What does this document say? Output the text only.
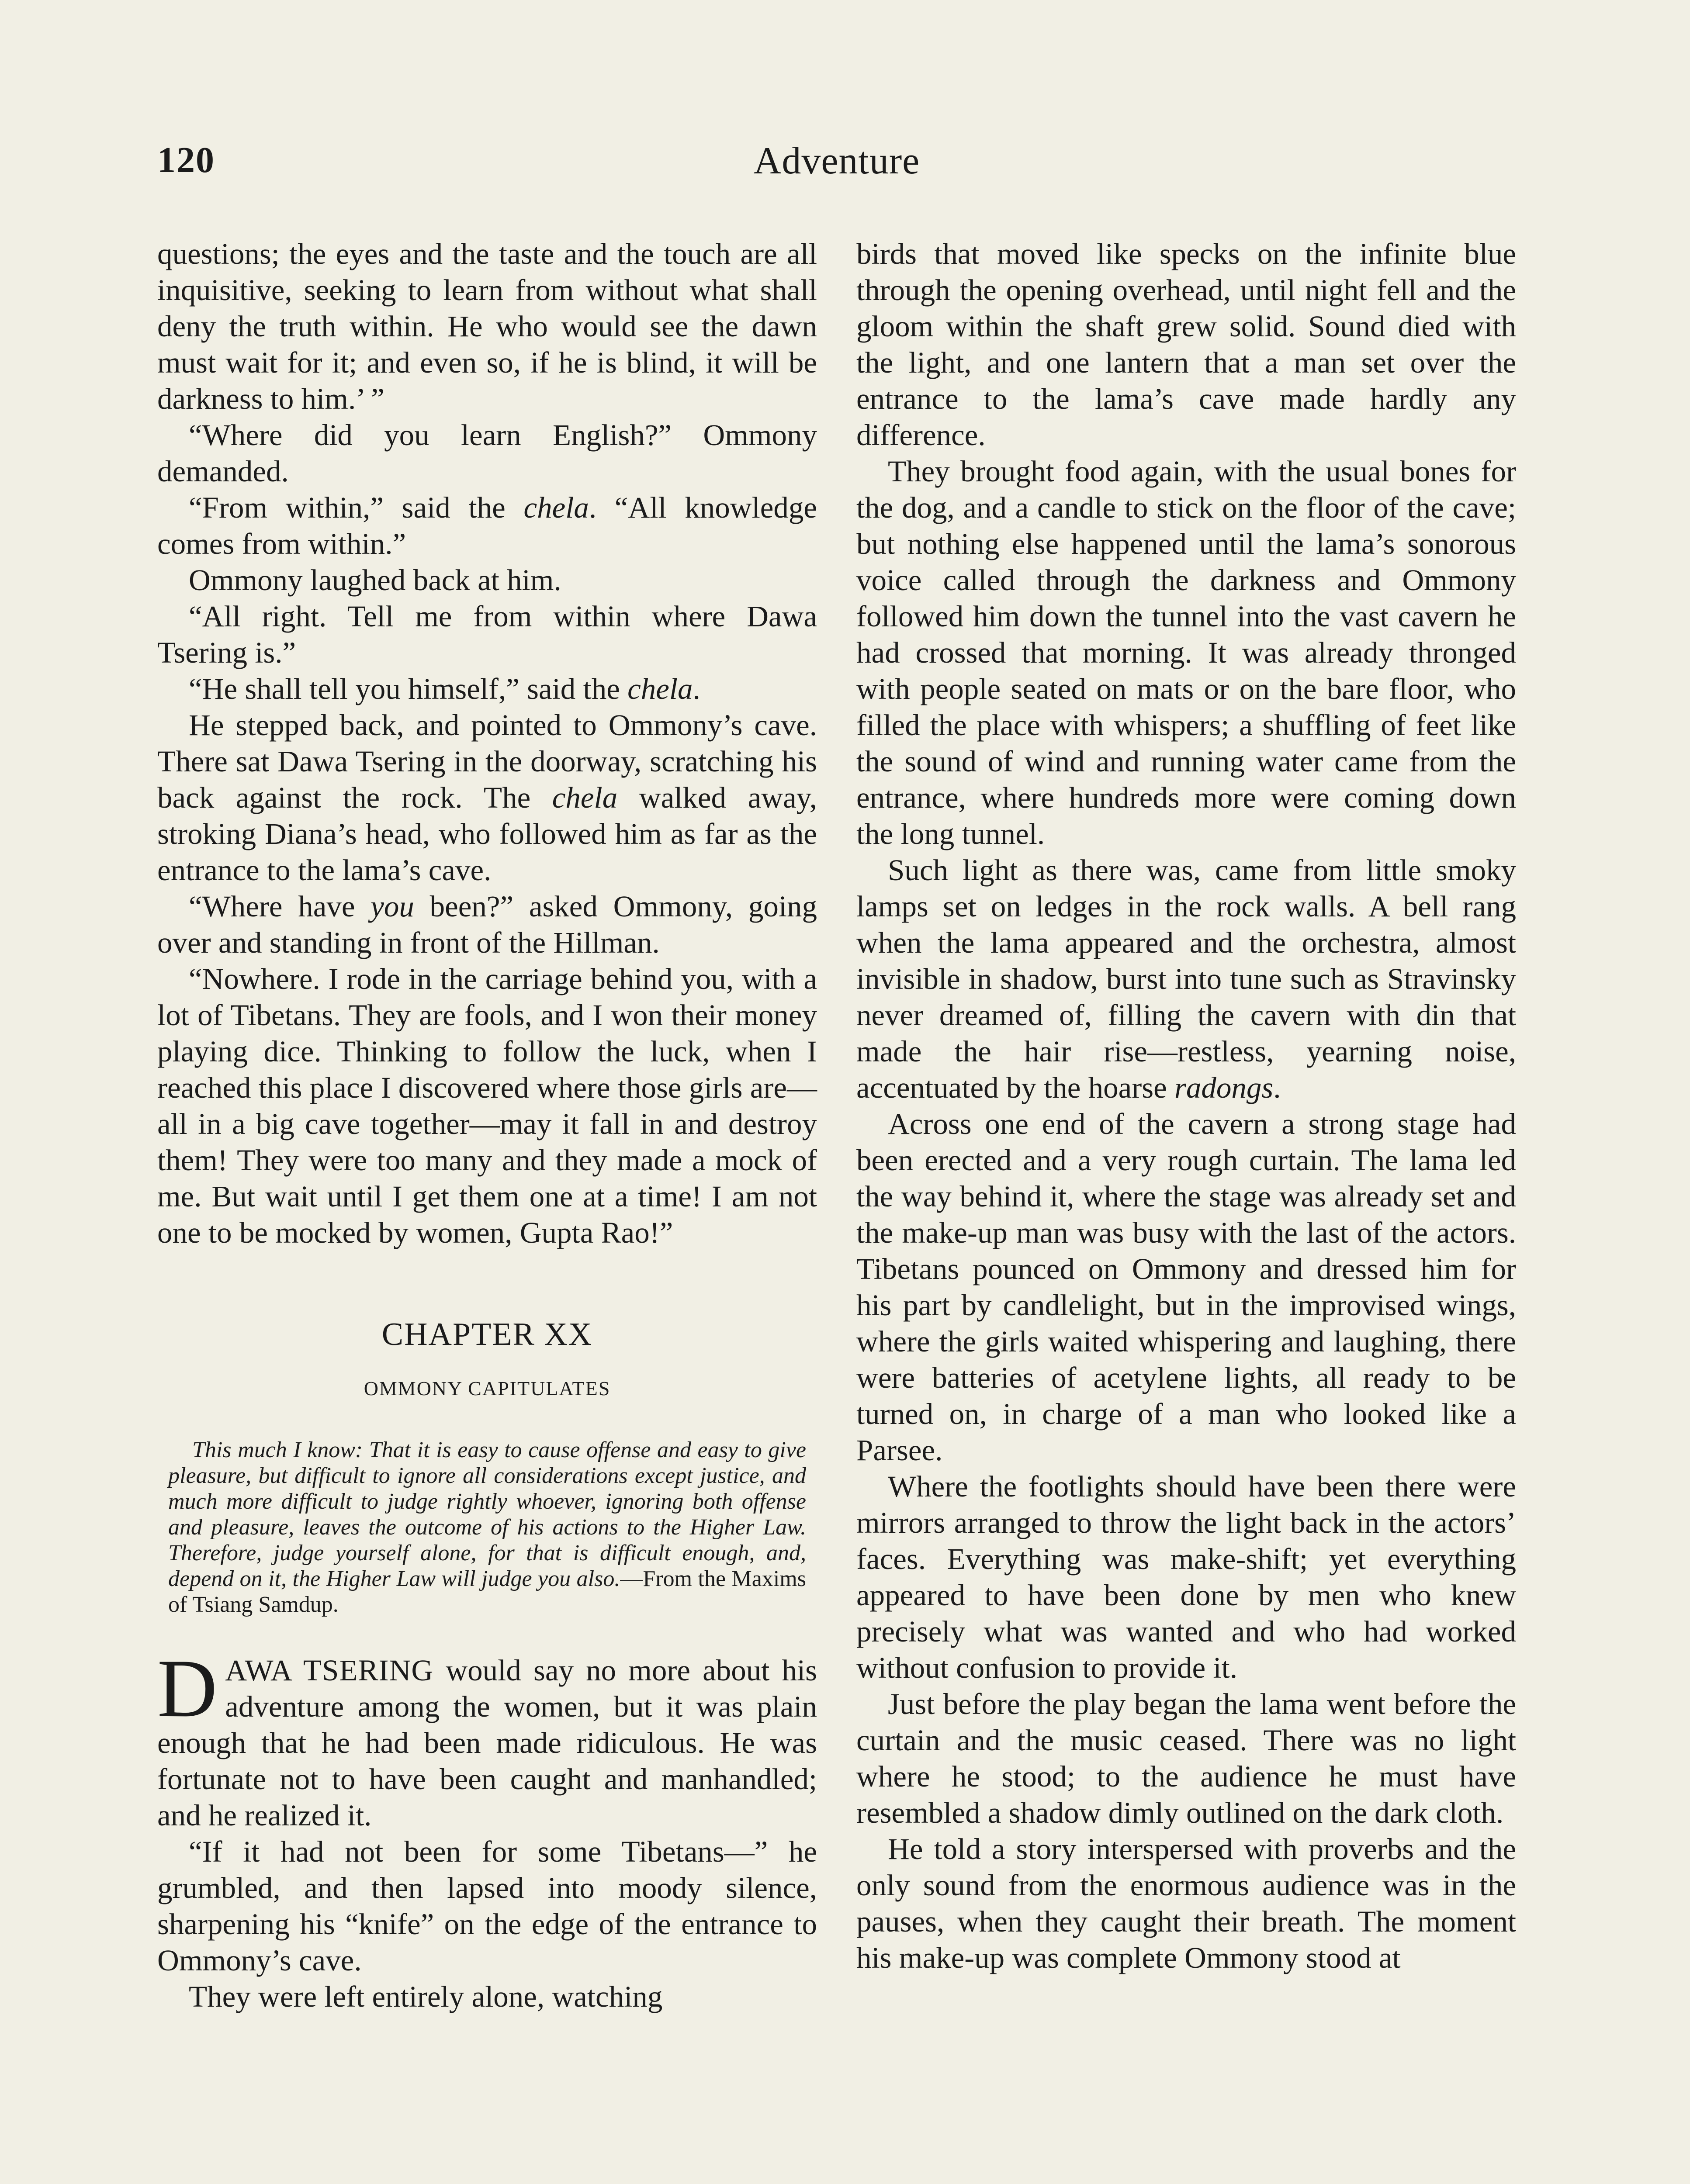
120	Adventure

questions; the eyes and the taste and the touch are all inquisitive, seeking to learn from without what shall deny the truth within. He who would see the dawn must wait for it; and even so, if he is blind, it will be darkness to him.’ ”

“Where did you learn English?” Ommony demanded.

“From within,” said the chela. “All knowledge comes from within.”

Ommony laughed back at him.

“All right. Tell me from within where Dawa Tsering is.”

“He shall tell you himself,” said the chela.

He stepped back, and pointed to Ommony’s cave. There sat Dawa Tsering in the doorway, scratching his back against the rock. The chela walked away, stroking Diana’s head, who followed him as far as the entrance to the lama’s cave.

“Where have you been?” asked Ommony, going over and standing in front of the Hillman.

“Nowhere. I rode in the carriage behind you, with a lot of Tibetans. They are fools, and I won their money playing dice. Thinking to follow the luck, when I reached this place I discovered where those girls are—all in a big cave together—may it fall in and destroy them! They were too many and they made a mock of me. But wait until I get them one at a time! I am not one to be mocked by women, Gupta Rao!”

CHAPTER XX
OMMONY CAPITULATES
This much I know: That it is easy to cause offense and easy to give pleasure, but difficult to ignore all considerations except justice, and much more difficult to judge rightly whoever, ignoring both offense and pleasure, leaves the outcome of his actions to the Higher Law. Therefore, judge yourself alone, for that is difficult enough, and, depend on it, the Higher Law will judge you also.—From the Maxims of Tsiang Samdup.

DAWA TSERING would say no more about his adventure among the women, but it was plain enough that he had been made ridiculous. He was fortunate not to have been caught and manhandled; and he realized it.

“If it had not been for some Tibetans—” he grumbled, and then lapsed into moody silence, sharpening his “knife” on the edge of the entrance to Ommony’s cave.

They were left entirely alone, watching

birds that moved like specks on the infinite blue through the opening overhead, until night fell and the gloom within the shaft grew solid. Sound died with the light, and one lantern that a man set over the entrance to the lama’s cave made hardly any difference.

They brought food again, with the usual bones for the dog, and a candle to stick on the floor of the cave; but nothing else happened until the lama’s sonorous voice called through the darkness and Ommony followed him down the tunnel into the vast cavern he had crossed that morning. It was already thronged with people seated on mats or on the bare floor, who filled the place with whispers; a shuffling of feet like the sound of wind and running water came from the entrance, where hundreds more were coming down the long tunnel.

Such light as there was, came from little smoky lamps set on ledges in the rock walls. A bell rang when the lama appeared and the orchestra, almost invisible in shadow, burst into tune such as Stravinsky never dreamed of, filling the cavern with din that made the hair rise—restless, yearning noise, accentuated by the hoarse radongs.

Across one end of the cavern a strong stage had been erected and a very rough curtain. The lama led the way behind it, where the stage was already set and the make-up man was busy with the last of the actors. Tibetans pounced on Ommony and dressed him for his part by candlelight, but in the improvised wings, where the girls waited whispering and laughing, there were batteries of acetylene lights, all ready to be turned on, in charge of a man who looked like a Parsee.

Where the footlights should have been there were mirrors arranged to throw the light back in the actors’ faces. Everything was make-shift; yet everything appeared to have been done by men who knew precisely what was wanted and who had worked without confusion to provide it.

Just before the play began the lama went before the curtain and the music ceased. There was no light where he stood; to the audience he must have resembled a shadow dimly outlined on the dark cloth.

He told a story interspersed with proverbs and the only sound from the enormous audience was in the pauses, when they caught their breath. The moment his make-up was complete Ommony stood at
